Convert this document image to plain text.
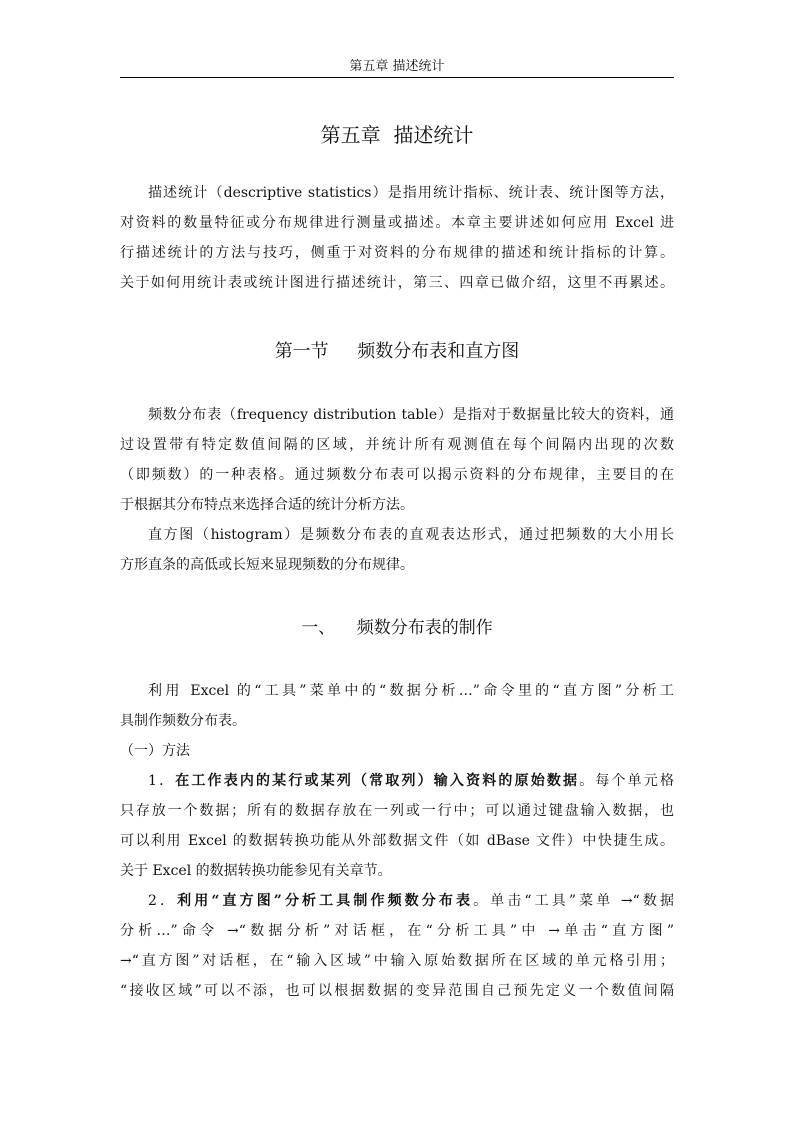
第五章 描述统计
第五章  描述统计
描述统计（descriptive statistics）是指用统计指标、统计表、统计图等方法，
对资料的数量特征或分布规律进行测量或描述。本章主要讲述如何应用 Excel 进
行描述统计的方法与技巧，侧重于对资料的分布规律的描述和统计指标的计算。
关于如何用统计表或统计图进行描述统计，第三、四章已做介绍，这里不再累述。
第一节     频数分布表和直方图
频数分布表（frequency distribution table）是指对于数据量比较大的资料，通
过设置带有特定数值间隔的区域，并统计所有观测值在每个间隔内出现的次数
（即频数）的一种表格。通过频数分布表可以揭示资料的分布规律，主要目的在
于根据其分布特点来选择合适的统计分析方法。
直方图（histogram）是频数分布表的直观表达形式，通过把频数的大小用长
方形直条的高低或长短来显现频数的分布规律。
一、    频数分布表的制作
利用 Excel 的“工具”菜单中的“数据分析…”命令里的“直方图”分析工
具制作频数分布表。
（一）方法
1．在工作表内的某行或某列（常取列）输入资料的原始数据。每个单元格
只存放一个数据；所有的数据存放在一列或一行中；可以通过键盘输入数据，也
可以利用 Excel 的数据转换功能从外部数据文件（如 dBase 文件）中快捷生成。
关于 Excel 的数据转换功能参见有关章节。
2．利用“直方图”分析工具制作频数分布表。单击“工具”菜单 →“数据
分析…”命令 →“数据分析”对话框，在“分析工具”中 →单击“直方图”
→“直方图”对话框，在“输入区域”中输入原始数据所在区域的单元格引用；
“接收区域”可以不添，也可以根据数据的变异范围自己预先定义一个数值间隔
